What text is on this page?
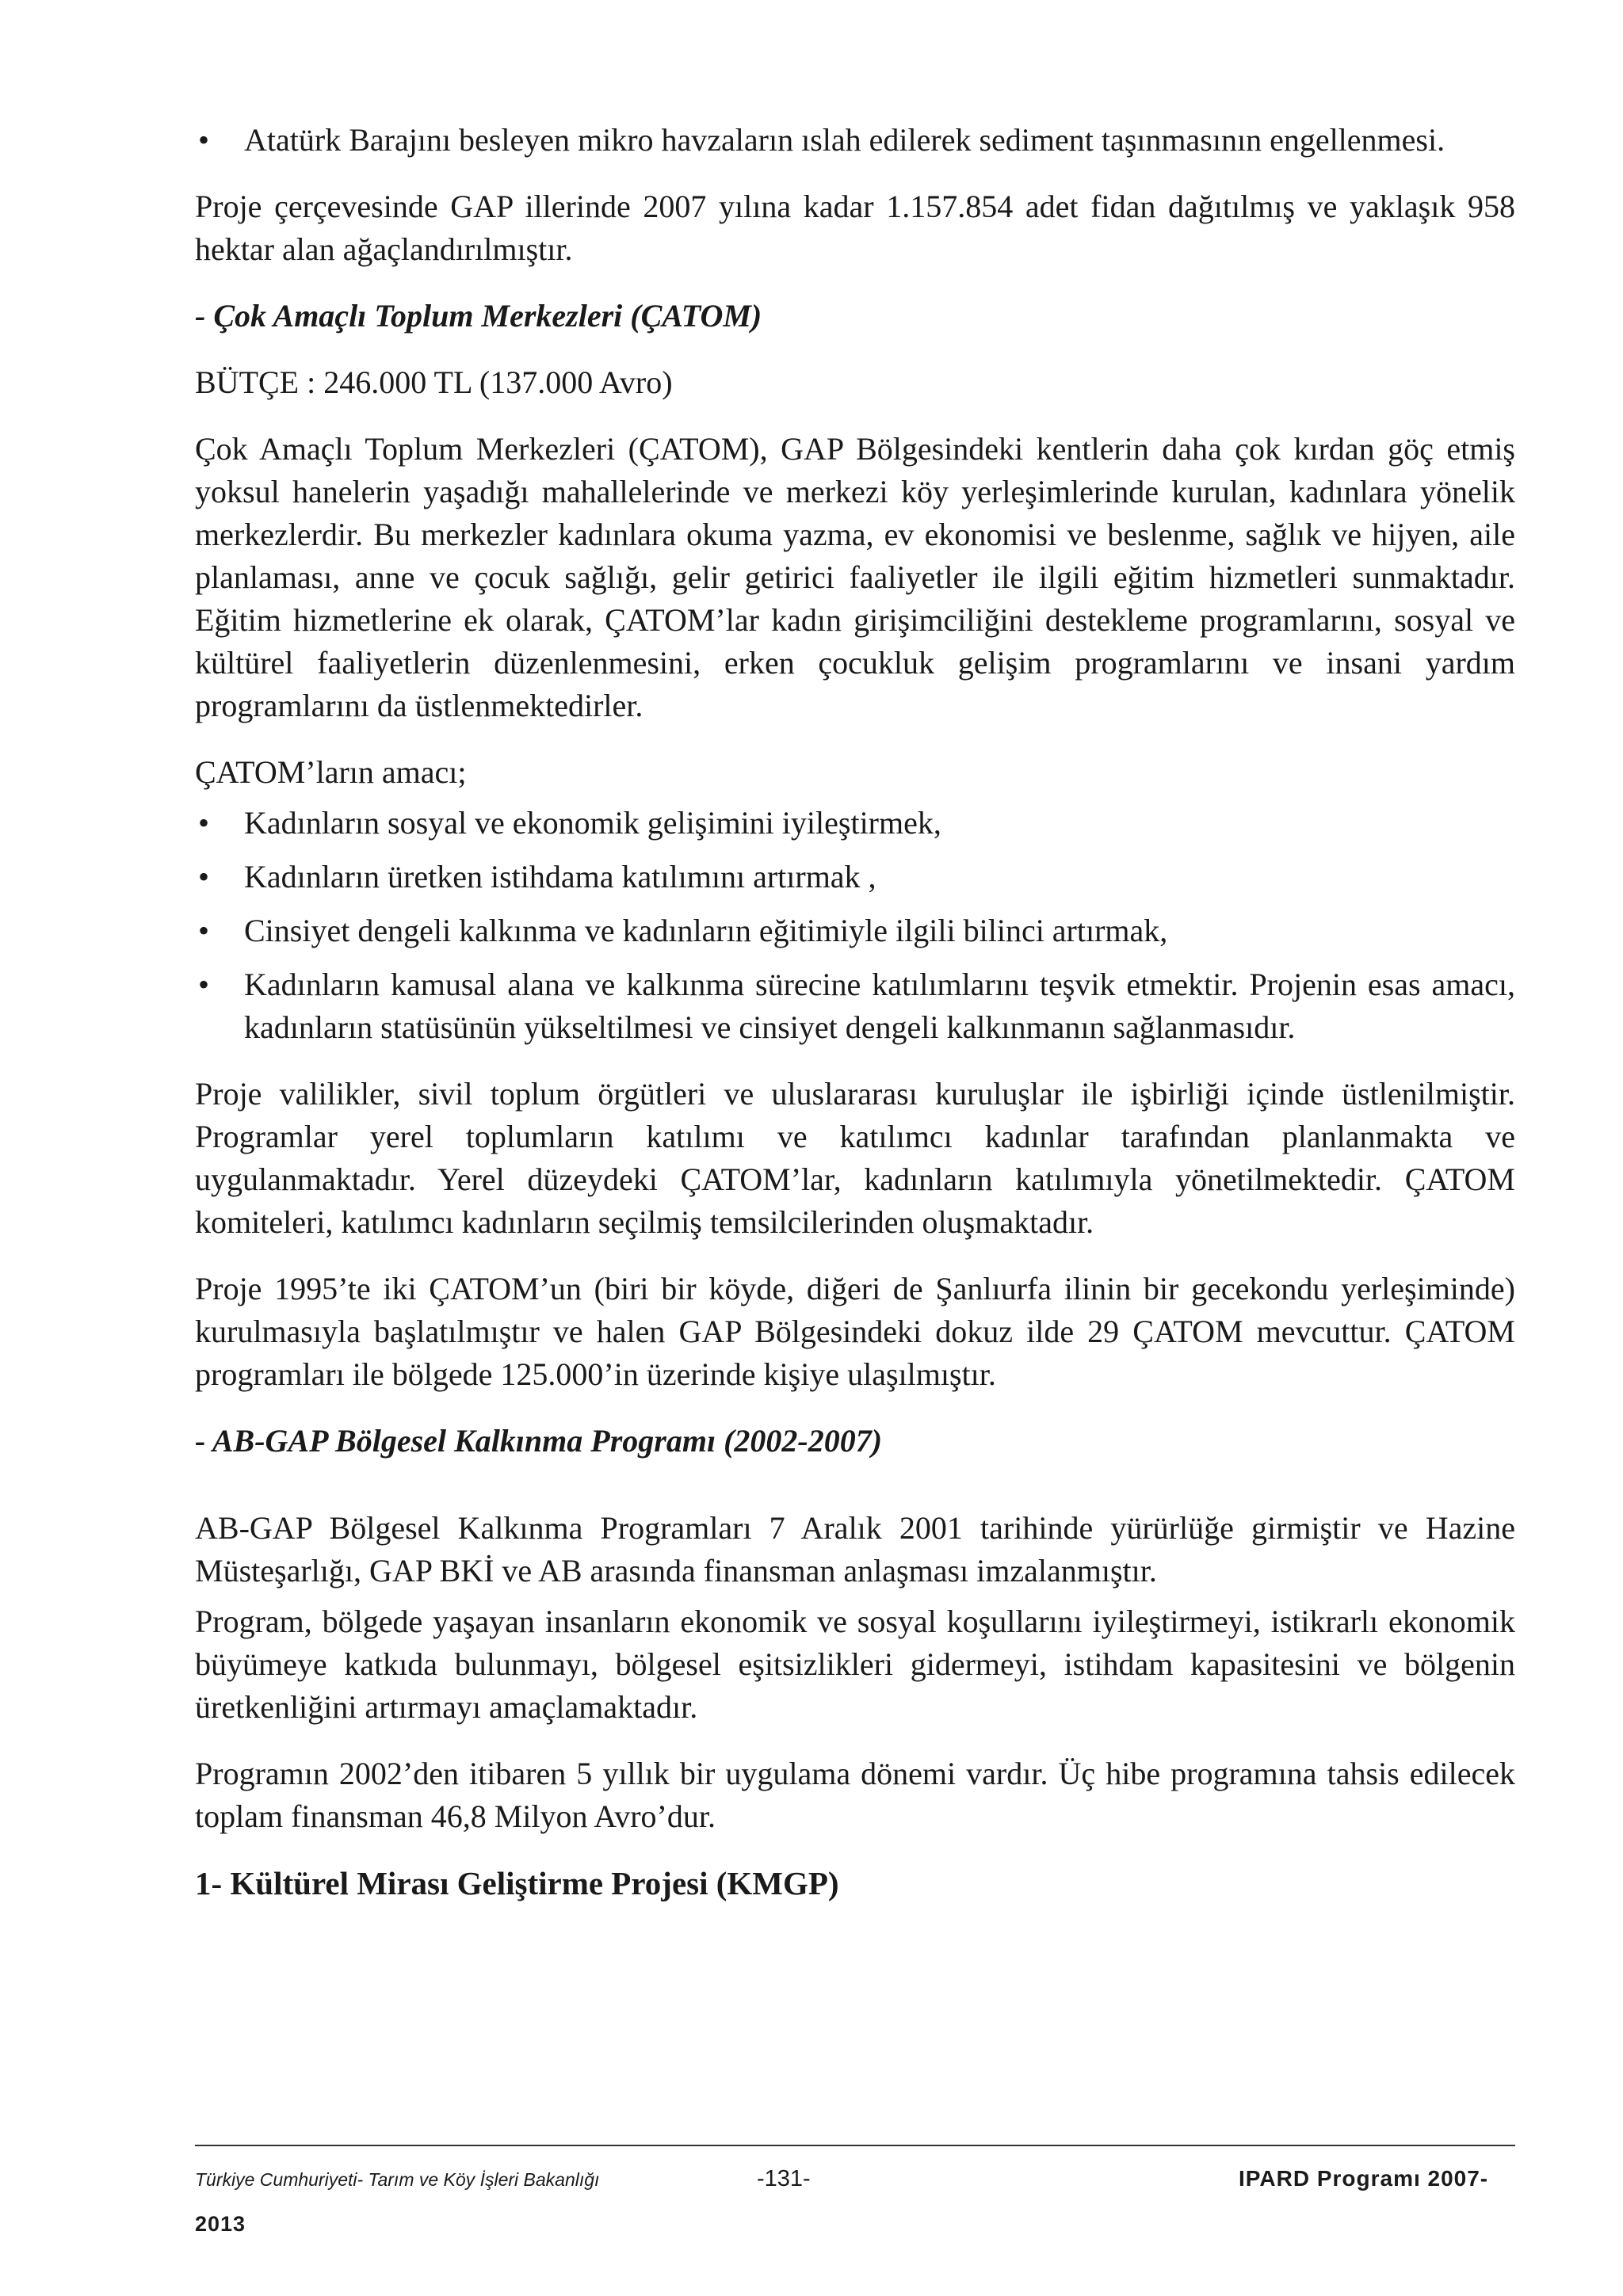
• Atatürk Barajını besleyen mikro havzaların ıslah edilerek sediment taşınmasının engellenmesi.

Proje çerçevesinde GAP illerinde 2007 yılına kadar 1.157.854 adet fidan dağıtılmış ve yaklaşık 958 hektar alan ağaçlandırılmıştır.

- Çok Amaçlı Toplum Merkezleri (ÇATOM)

BÜTÇE : 246.000 TL (137.000 Avro)

Çok Amaçlı Toplum Merkezleri (ÇATOM), GAP Bölgesindeki kentlerin daha çok kırdan göç etmiş yoksul hanelerin yaşadığı mahallelerinde ve merkezi köy yerleşimlerinde kurulan, kadınlara yönelik merkezlerdir. Bu merkezler kadınlara okuma yazma, ev ekonomisi ve beslenme, sağlık ve hijyen, aile planlaması, anne ve çocuk sağlığı, gelir getirici faaliyetler ile ilgili eğitim hizmetleri sunmaktadır. Eğitim hizmetlerine ek olarak, ÇATOM’lar kadın girişimciliğini destekleme programlarını, sosyal ve kültürel faaliyetlerin düzenlenmesini, erken çocukluk gelişim programlarını ve insani yardım programlarını da üstlenmektedirler.

ÇATOM’ların amacı;

• Kadınların sosyal ve ekonomik gelişimini iyileştirmek,
• Kadınların üretken istihdama katılımını artırmak ,
• Cinsiyet dengeli kalkınma ve kadınların eğitimiyle ilgili bilinci artırmak,
• Kadınların kamusal alana ve kalkınma sürecine katılımlarını teşvik etmektir. Projenin esas amacı, kadınların statüsünün yükseltilmesi ve cinsiyet dengeli kalkınmanın sağlanmasıdır.

Proje valilikler, sivil toplum örgütleri ve uluslararası kuruluşlar ile işbirliği içinde üstlenilmiştir. Programlar yerel toplumların katılımı ve katılımcı kadınlar tarafından planlanmakta ve uygulanmaktadır. Yerel düzeydeki ÇATOM’lar, kadınların katılımıyla yönetilmektedir. ÇATOM komiteleri, katılımcı kadınların seçilmiş temsilcilerinden oluşmaktadır.

Proje 1995’te iki ÇATOM’un (biri bir köyde, diğeri de Şanlıurfa ilinin bir gecekondu yerleşiminde) kurulmasıyla başlatılmıştır ve halen GAP Bölgesindeki dokuz ilde 29 ÇATOM mevcuttur. ÇATOM programları ile bölgede 125.000’in üzerinde kişiye ulaşılmıştır.

- AB-GAP Bölgesel Kalkınma Programı (2002-2007)

AB-GAP Bölgesel Kalkınma Programları 7 Aralık 2001 tarihinde yürürlüğe girmiştir ve Hazine Müsteşarlığı, GAP BKİ ve AB arasında finansman anlaşması imzalanmıştır.

Program, bölgede yaşayan insanların ekonomik ve sosyal koşullarını iyileştirmeyi, istikrarlı ekonomik büyümeye katkıda bulunmayı, bölgesel eşitsizlikleri gidermeyi, istihdam kapasitesini ve bölgenin üretkenliğini artırmayı amaçlamaktadır.

Programın 2002’den itibaren 5 yıllık bir uygulama dönemi vardır. Üç hibe programına tahsis edilecek toplam finansman 46,8 Milyon Avro’dur.

1- Kültürel Mirası Geliştirme Projesi (KMGP)

Türkiye Cumhuriyeti- Tarım ve Köy İşleri Bakanlığı	-131-	IPARD Programı 2007-
2013
